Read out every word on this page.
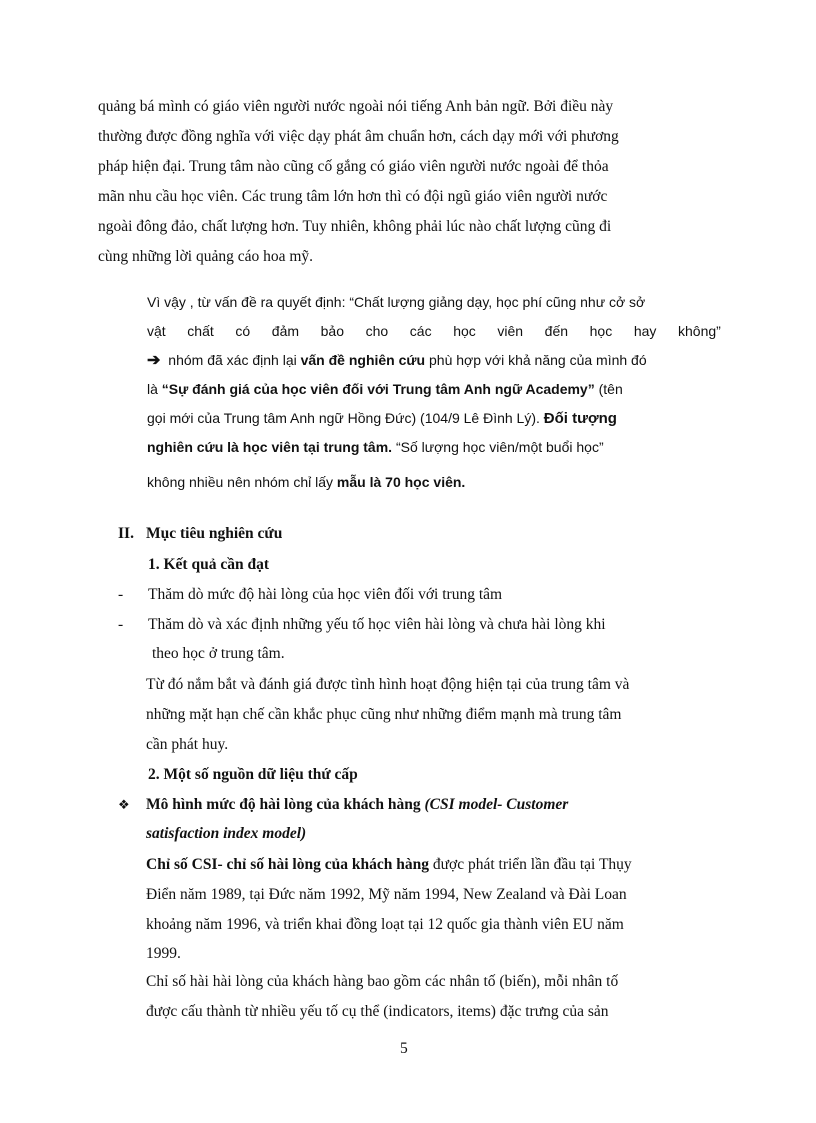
quảng bá mình có giáo viên người nước ngoài nói tiếng Anh bản ngữ. Bởi điều này
thường được đồng nghĩa với việc dạy phát âm chuẩn hơn, cách dạy mới với phương
pháp hiện đại. Trung tâm nào cũng cố gắng có giáo viên người nước ngoài để thỏa
mãn nhu cầu học viên. Các trung tâm lớn hơn thì có đội ngũ giáo viên người nước
ngoài đông đảo, chất lượng hơn. Tuy nhiên, không phải lúc nào chất lượng cũng đi
cùng những lời quảng cáo hoa mỹ.
Vì vậy , từ vấn đề ra quyết định: “Chất lượng giảng dạy, học phí cũng như cở sở
vật chất có đảm bảo cho các học viên đến học hay không”
➔ nhóm đã xác định lại vấn đề nghiên cứu phù hợp với khả năng của mình đó
là “Sự đánh giá của học viên đối với Trung tâm Anh ngữ Academy” (tên
gọi mới của Trung tâm Anh ngữ Hồng Đức) (104/9 Lê Đình Lý). Đối tượng
nghiên cứu là học viên tại trung tâm. “Số lượng học viên/một buổi học”
không nhiều nên nhóm chỉ lấy mẫu là 70 học viên.
II. Mục tiêu nghiên cứu
1. Kết quả cần đạt
- Thăm dò mức độ hài lòng của học viên đối với trung tâm
- Thăm dò và xác định những yếu tố học viên hài lòng và chưa hài lòng khi
theo học ở trung tâm.
Từ đó nắm bắt và đánh giá được tình hình hoạt động hiện tại của trung tâm và
những mặt hạn chế cần khắc phục cũng như những điểm mạnh mà trung tâm
cần phát huy.
2. Một số nguồn dữ liệu thứ cấp
❖ Mô hình mức độ hài lòng của khách hàng (CSI model- Customer
satisfaction index model)
Chỉ số CSI- chỉ số hài lòng của khách hàng được phát triển lần đầu tại Thụy
Điển năm 1989, tại Đức năm 1992, Mỹ năm 1994, New Zealand và Đài Loan
khoảng năm 1996, và triển khai đồng loạt tại 12 quốc gia thành viên EU năm
1999.
Chỉ số hài hài lòng của khách hàng bao gồm các nhân tố (biến), mỗi nhân tố
được cấu thành từ nhiều yếu tố cụ thể (indicators, items) đặc trưng của sản
5
